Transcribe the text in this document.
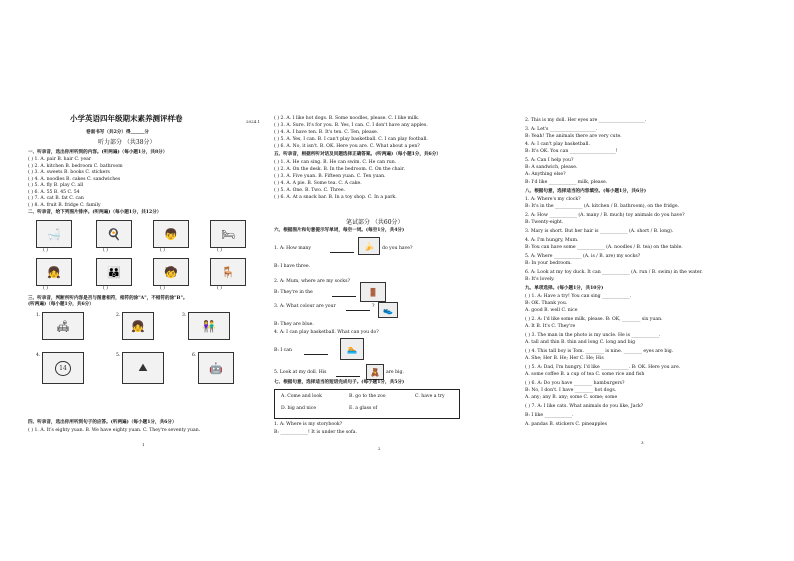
小学英语四年级期末素养测评样卷	2024.1
卷面书写（共2分）得______分
听力部分 （共38分）
一、听录音，选出你所听到的内容。(听两遍)（每小题1分，共8分）
( ) 1. A. pair B. hair C. year
( ) 2. A. kitchen B. bedroom C. bathroom
( ) 3. A. sweets B. books C. stickers
( ) 4. A. noodles B. cakes C. sandwiches
( ) 5. A. fly B. play C. all
( ) 6. A. 55 B. 45 C. 54
( ) 7. A. cat B. fat C. can
( ) 8. A. fruit B. fridge C. family
二、听录音，给下列图片排序。(听两遍)（每小题1分，共12分）
🛁	🍳	👦	🛏
( )	( )	( )	( )
👧	👪	🧒	🪑
( )	( )	( )	( )
三、听录音，判断所听内容是否与图意相符，相符的涂"A"，不相符的涂"B"。
(听两遍)（每小题1分，共6分）
1.
🛋
2.
👧
3.
👫
4.
14
5.
⛰
6.
🤖
四、听录音，选出你所听到句子的应答。(听两遍)（每小题1分，共6分）
( ) 1. A. It's eighty yuan. B. We have eighty yuan. C. They're seventy yuan.
1
( ) 2. A. I like hot dogs. B. Some noodles, please. C. I like milk.
( ) 3. A. Sure. It's for you. B. Yes, I can. C. I don't have any apples.
( ) 4. A. I have ten. B. It's ten. C. Ten, please.
( ) 5. A. Yes, I can. B. I can't play basketball. C. I can play football.
( ) 6. A. No, it isn't. B. OK. Here you are. C. What about a pen?
五、听录音，根据所听对话及问题选择正确答案。(听两遍)（每小题1分，共6分）
( ) 1. A. He can sing. B. He can swim. C. He can run.
( ) 2. A. On the desk. B. In the bedroom. C. On the chair.
( ) 3. A. Five yuan. B. Fifteen yuan. C. Ten yuan.
( ) 4. A. A pie. B. Some tea. C. A cake.
( ) 5. A. One. B. Two. C. Three.
( ) 6. A. At a snack bar. B. In a toy shop. C. In a park.
笔试部分 （共60分）
六、根据图片和句意提示写单词，每空一词。(每空1分，共4分)
1. A: How many	🍌	do you have?
B: I have three.
2. A: Mum, where are my socks?
B: They're in the	🚪
3. A: What colour are your	?	👟
B: They are blue.
4. A: I can play basketball. What can you do?
B: I can	🏊
5. Look at my doll. His	🧸	are big.
七、根据句意，选择适当的短语完成句子。(每小题1分，共5分)
A. Come and look	B. go to the zoo	C. have a try
D. big and nice	E. a glass of
1. A: Where is my storybook?
B: ____________! It is under the sofa.
2
2. This is my doll. Her eyes are ____________________.
3. A: Let's ____________________.
B: Yeah! The animals there are very cute.
4. A: I can't play basketball.
B: It's OK. You can ____________________!
5. A: Can I help you?
B: A sandwich, please.
A: Anything else?
B: I'd like ____________ milk, please.
八、根据句意，选择适当的内容填空。(每小题1分，共6分)
1. A: Where's my clock?
B: It's in the ____________ (A. kitchen / B. bathroom), on the fridge.
2. A: How ____________ (A. many / B. much) toy animals do you have?
B: Twenty-eight.
3. Mary is short. But her hair is ____________ (A. short / B. long).
4. A: I'm hungry, Mum.
B: You can have some ____________ (A. noodles / B. tea) on the table.
5. A: Where ____________ (A. is / B. are) my socks?
B: In your bedroom.
6. A: Look at my toy duck. It can ____________ (A. run / B. swim) in the water.
B: It's lovely.
九、单项选择。(每小题1分，共10分)
( ) 1. A: Have a try! You can sing ____________.
B: OK. Thank you.
A. good B. well C. nice
( ) 2. A: I'd like some milk, please. B: OK, ________ six yuan.
A. It B. It's C. They're
( ) 3. The man in the photo is my uncle. He is ____________.
A. tall and thin B. thin and long C. long and big
( ) 4. This tall boy is Tom. ________ is nine. ________ eyes are big.
A. She; Her B. He; Her C. He; His
( ) 5. A: Dad, I'm hungry. I'd like ____________. B: OK. Here you are.
A. some coffee B. a cup of tea C. some rice and fish
( ) 6. A: Do you have ________ hamburgers?
B: No, I don't. I have ________ hot dogs.
A. any; any B. any; some C. some; some
( ) 7. A: I like cats. What animals do you like, Jack?
B: I like ____________.
A. pandas B. stickers C. pineapples
3
